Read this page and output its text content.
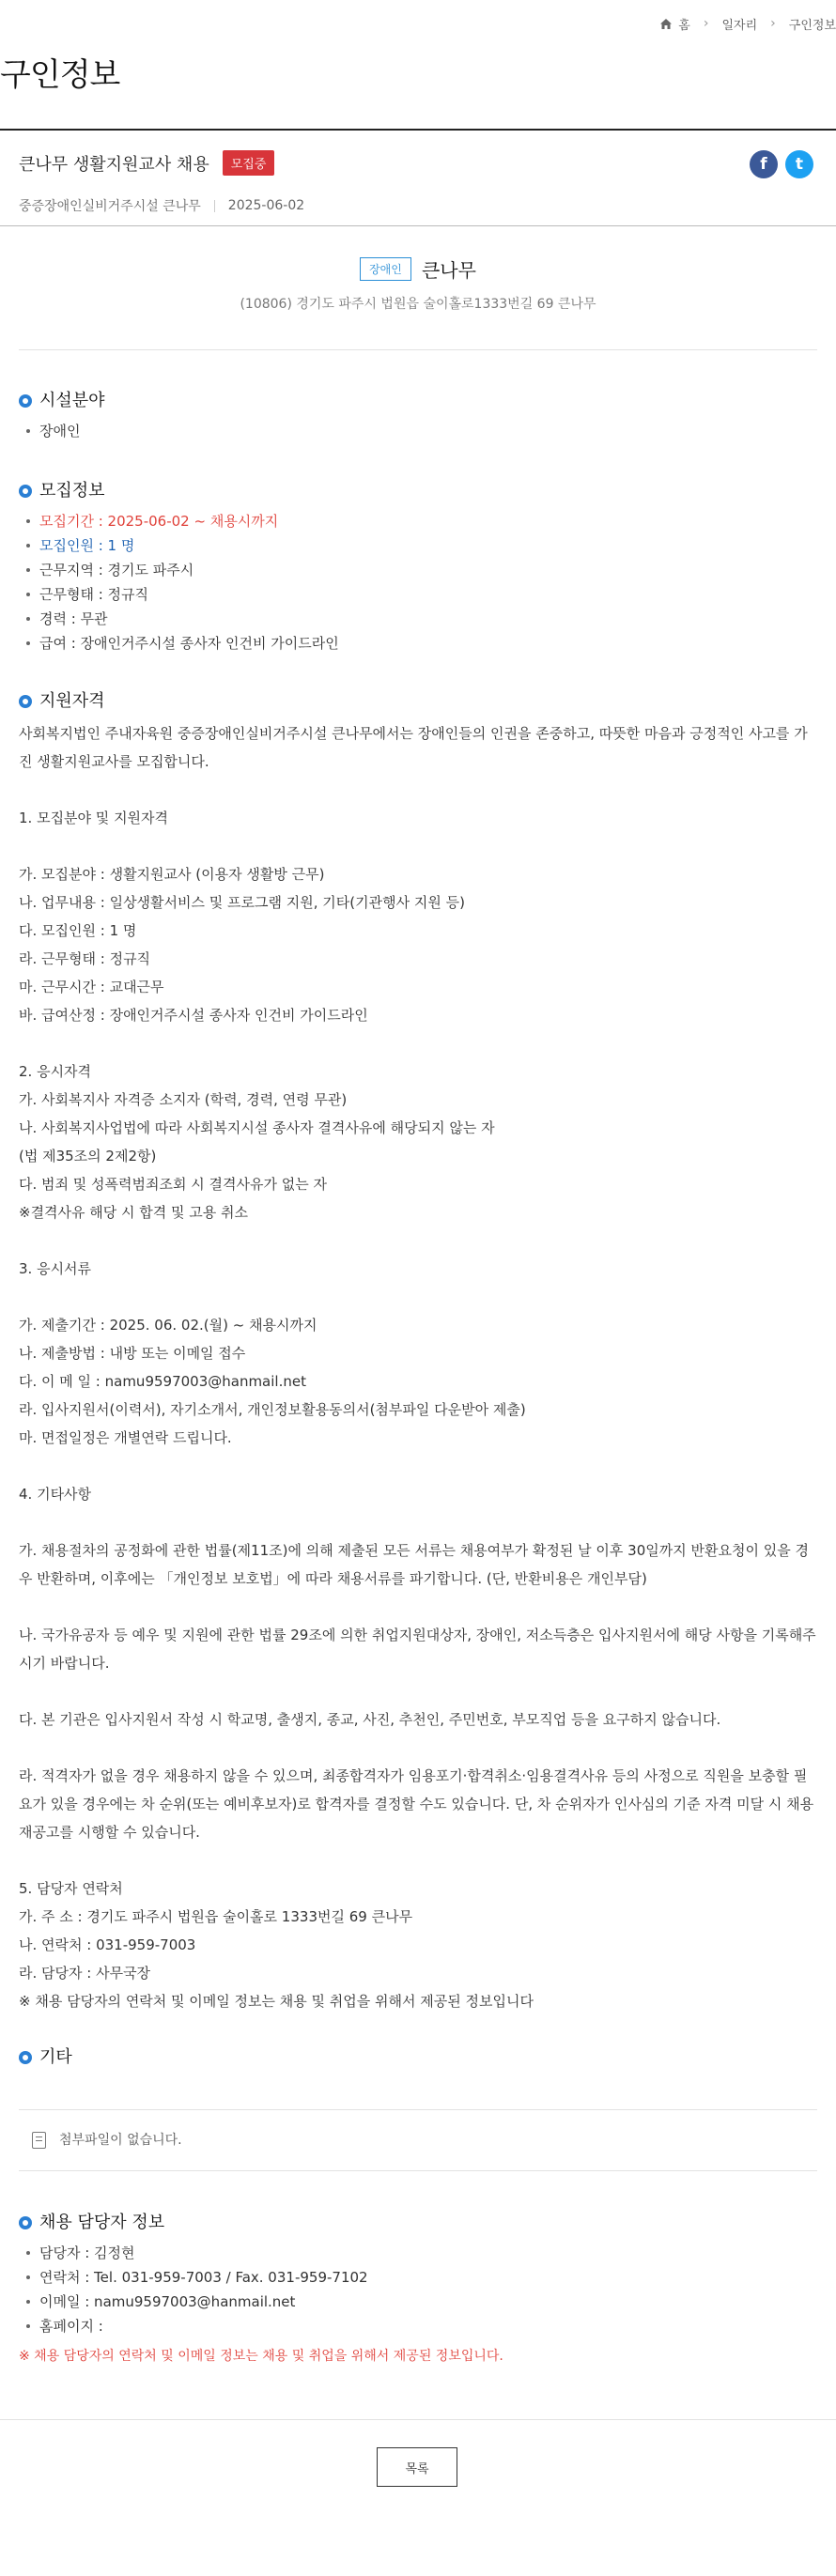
홈 › 일자리 › 구인정보
구인정보
큰나무 생활지원교사 채용	모집중
중증장애인실비거주시설 큰나무 2025-06-02
f	t
장애인 큰나무
(10806) 경기도 파주시 법원읍 술이홀로1333번길 69 큰나무
시설분야
장애인
모집정보
모집기간 : 2025-06-02 ~ 채용시까지
모집인원 : 1 명
근무지역 : 경기도 파주시
근무형태 : 정규직
경력 : 무관
급여 : 장애인거주시설 종사자 인건비 가이드라인
지원자격

사회복지법인 주내자육원 중증장애인실비거주시설 큰나무에서는 장애인들의 인권을 존중하고, 따뜻한 마음과 긍정적인 사고를 가진 생활지원교사를 모집합니다.

1. 모집분야 및 지원자격

가. 모집분야 : 생활지원교사 (이용자 생활방 근무)
나. 업무내용 : 일상생활서비스 및 프로그램 지원, 기타(기관행사 지원 등)
다. 모집인원 : 1 명
라. 근무형태 : 정규직
마. 근무시간 : 교대근무
바. 급여산정 : 장애인거주시설 종사자 인건비 가이드라인

2. 응시자격
가. 사회복지사 자격증 소지자 (학력, 경력, 연령 무관)
나. 사회복지사업법에 따라 사회복지시설 종사자 결격사유에 해당되지 않는 자
(법 제35조의 2제2항)
다. 범죄 및 성폭력범죄조회 시 결격사유가 없는 자
※결격사유 해당 시 합격 및 고용 취소

3. 응시서류

가. 제출기간 : 2025. 06. 02.(월) ~ 채용시까지
나. 제출방법 : 내방 또는 이메일 접수
다. 이 메 일 : namu9597003@hanmail.net
라. 입사지원서(이력서), 자기소개서, 개인정보활용동의서(첨부파일 다운받아 제출)
마. 면접일정은 개별연락 드립니다.

4. 기타사항

가. 채용절차의 공정화에 관한 법률(제11조)에 의해 제출된 모든 서류는 채용여부가 확정된 날 이후 30일까지 반환요청이 있을 경우 반환하며, 이후에는 「개인정보 보호법」에 따라 채용서류를 파기합니다. (단, 반환비용은 개인부담)

나. 국가유공자 등 예우 및 지원에 관한 법률 29조에 의한 취업지원대상자, 장애인, 저소득층은 입사지원서에 해당 사항을 기록해주시기 바랍니다.

다. 본 기관은 입사지원서 작성 시 학교명, 출생지, 종교, 사진, 추천인, 주민번호, 부모직업 등을 요구하지 않습니다.

라. 적격자가 없을 경우 채용하지 않을 수 있으며, 최종합격자가 임용포기·합격취소·임용결격사유 등의 사정으로 직원을 보충할 필요가 있을 경우에는 차 순위(또는 예비후보자)로 합격자를 결정할 수도 있습니다. 단, 차 순위자가 인사심의 기준 자격 미달 시 채용 재공고를 시행할 수 있습니다.

5. 담당자 연락처
가. 주 소 : 경기도 파주시 법원읍 술이홀로 1333번길 69 큰나무
나. 연락처 : 031-959-7003
라. 담당자 : 사무국장
※ 채용 담당자의 연락처 및 이메일 정보는 채용 및 취업을 위해서 제공된 정보입니다

기타
첨부파일이 없습니다.
채용 담당자 정보
담당자 : 김정현
연락처 : Tel. 031-959-7003 / Fax. 031-959-7102
이메일 : namu9597003@hanmail.net
홈페이지 :
※ 채용 담당자의 연락처 및 이메일 정보는 채용 및 취업을 위해서 제공된 정보입니다.
목록
